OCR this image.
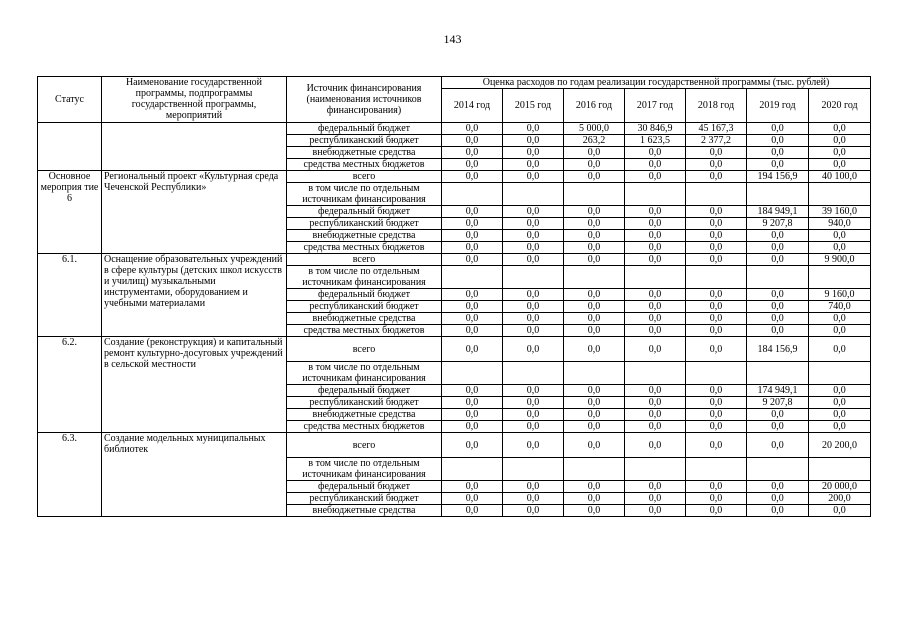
143
Статус	Наименование государственной программы, подпрограммы государственной программы, мероприятий	Источник финансирования (наименования источников финансирования)	Оценка расходов по годам реализации государственной программы (тыс. рублей)						
			2014 год	2015 год	2016 год	2017 год	2018 год	2019 год	2020 год
		федеральный бюджет	0,0	0,0	5 000,0	30 846,9	45 167,3	0,0	0,0
		республиканский бюджет	0,0	0,0	263,2	1 623,5	2 377,2	0,0	0,0
		внебюджетные средства	0,0	0,0	0,0	0,0	0,0	0,0	0,0
		средства местных бюджетов	0,0	0,0	0,0	0,0	0,0	0,0	0,0
Основное мероприя тие 6	Региональный проект «Культурная среда Чеченской Республики»	всего	0,0	0,0	0,0	0,0	0,0	194 156,9	40 100,0
		в том числе по отдельным источникам финансирования							
		федеральный бюджет	0,0	0,0	0,0	0,0	0,0	184 949,1	39 160,0
		республиканский бюджет	0,0	0,0	0,0	0,0	0,0	9 207,8	940,0
		внебюджетные средства	0,0	0,0	0,0	0,0	0,0	0,0	0,0
		средства местных бюджетов	0,0	0,0	0,0	0,0	0,0	0,0	0,0
6.1.	Оснащение образовательных учреждений в сфере культуры (детских школ искусств и училищ) музыкальными инструментами, оборудованием и учебными материалами	всего	0,0	0,0	0,0	0,0	0,0	0,0	9 900,0
		в том числе по отдельным источникам финансирования							
		федеральный бюджет	0,0	0,0	0,0	0,0	0,0	0,0	9 160,0
		республиканский бюджет	0,0	0,0	0,0	0,0	0,0	0,0	740,0
		внебюджетные средства	0,0	0,0	0,0	0,0	0,0	0,0	0,0
		средства местных бюджетов	0,0	0,0	0,0	0,0	0,0	0,0	0,0
6.2.	Создание (реконструкция) и капитальный ремонт культурно-досуговых учреждений в сельской местности	всего	0,0	0,0	0,0	0,0	0,0	184 156,9	0,0
		в том числе по отдельным источникам финансирования							
		федеральный бюджет	0,0	0,0	0,0	0,0	0,0	174 949,1	0,0
		республиканский бюджет	0,0	0,0	0,0	0,0	0,0	9 207,8	0,0
		внебюджетные средства	0,0	0,0	0,0	0,0	0,0	0,0	0,0
		средства местных бюджетов	0,0	0,0	0,0	0,0	0,0	0,0	0,0
6.3.	Создание модельных муниципальных библиотек	всего	0,0	0,0	0,0	0,0	0,0	0,0	20 200,0
		в том числе по отдельным источникам финансирования							
		федеральный бюджет	0,0	0,0	0,0	0,0	0,0	0,0	20 000,0
		республиканский бюджет	0,0	0,0	0,0	0,0	0,0	0,0	200,0
		внебюджетные средства	0,0	0,0	0,0	0,0	0,0	0,0	0,0
